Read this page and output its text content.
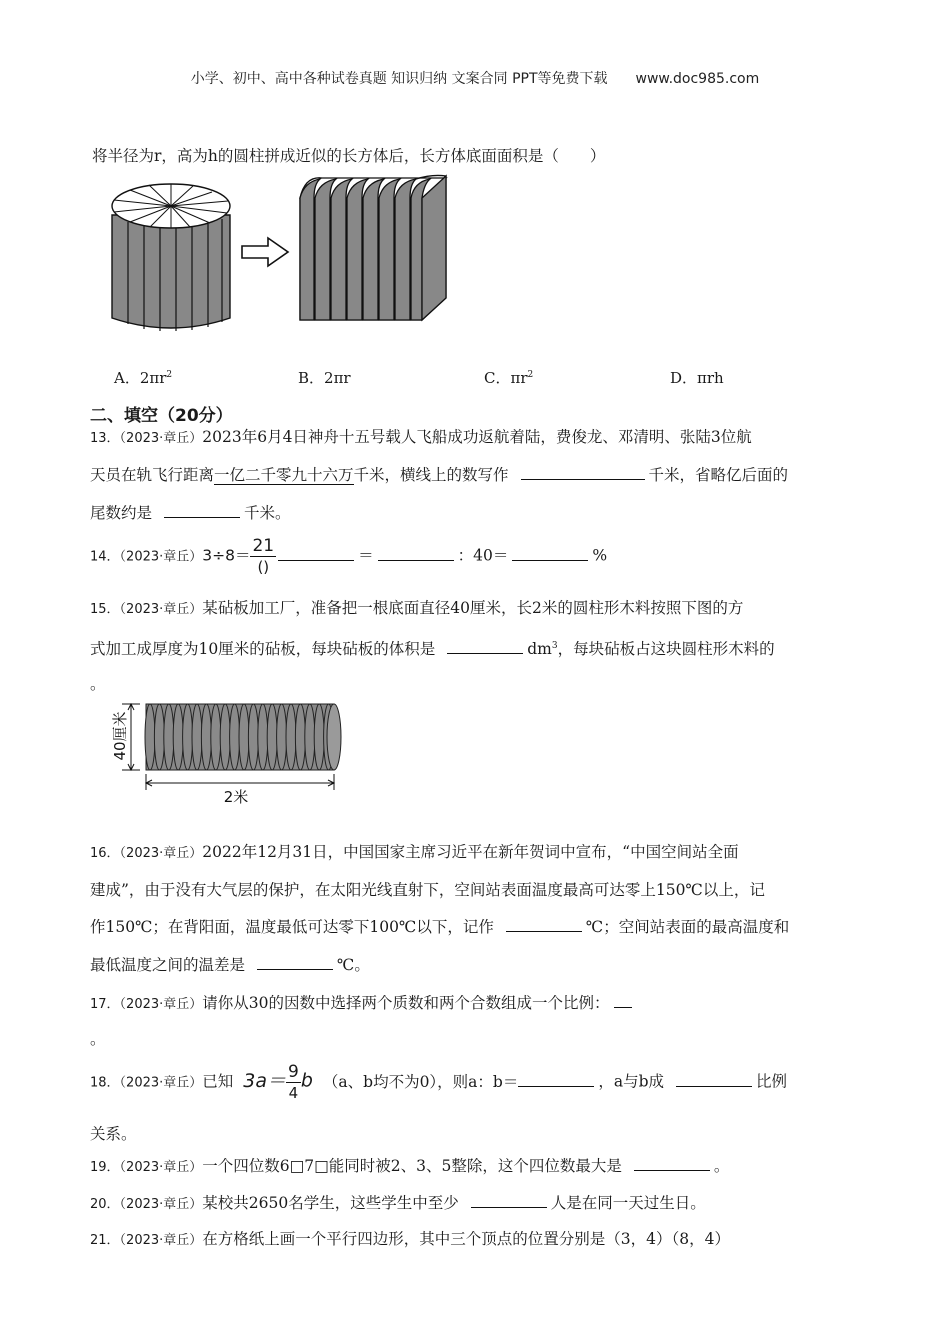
小学、初中、高中各种试卷真题 知识归纳 文案合同 PPT等免费下载 www.doc985.com
将半径为r，高为h的圆柱拼成近似的长方体后，长方体底面面积是（　　）
A．$2\pi r^2$	B．2πr	C．$\pi r^2$	D．πrh
二、填空（20分）
13．（2023·章丘）2023年6月4日神舟十五号载人飞船成功返航着陆，费俊龙、邓清明、张陆3位航
天员在轨飞行距离一亿二千零九十六万千米，横线上的数写作	千米，省略亿后面的
尾数约是	千米。
14．（2023·章丘）$3\div 8= \frac{21}{()}$	＝	：40＝	%
15．（2023·章丘）某砧板加工厂，准备把一根底面直径40厘米，长2米的圆柱形木料按照下图的方
式加工成厚度为10厘米的砧板，每块砧板的体积是	$dm^3$，每块砧板占这块圆柱形木料的
。
40厘米
2米
16．（2023·章丘）2022年12月31日，中国国家主席习近平在新年贺词中宣布，“中国空间站全面
建成”，由于没有大气层的保护，在太阳光线直射下，空间站表面温度最高可达零上150℃以上，记
作150℃；在背阳面，温度最低可达零下100℃以下，记作	℃；空间站表面的最高温度和
最低温度之间的温差是	℃。
17．（2023·章丘）请你从30的因数中选择两个质数和两个合数组成一个比例：
。
18．（2023·章丘）已知 $3a= \frac{9}{4}$ b （a、b均不为0），则a：b＝	，a与b成	比例
关系。
19．（2023·章丘）一个四位数6□7□能同时被2、3、5整除，这个四位数最大是	。
20．（2023·章丘）某校共2650名学生，这些学生中至少	人是在同一天过生日。
21．（2023·章丘）在方格纸上画一个平行四边形，其中三个顶点的位置分别是（3，4）（8，4）
